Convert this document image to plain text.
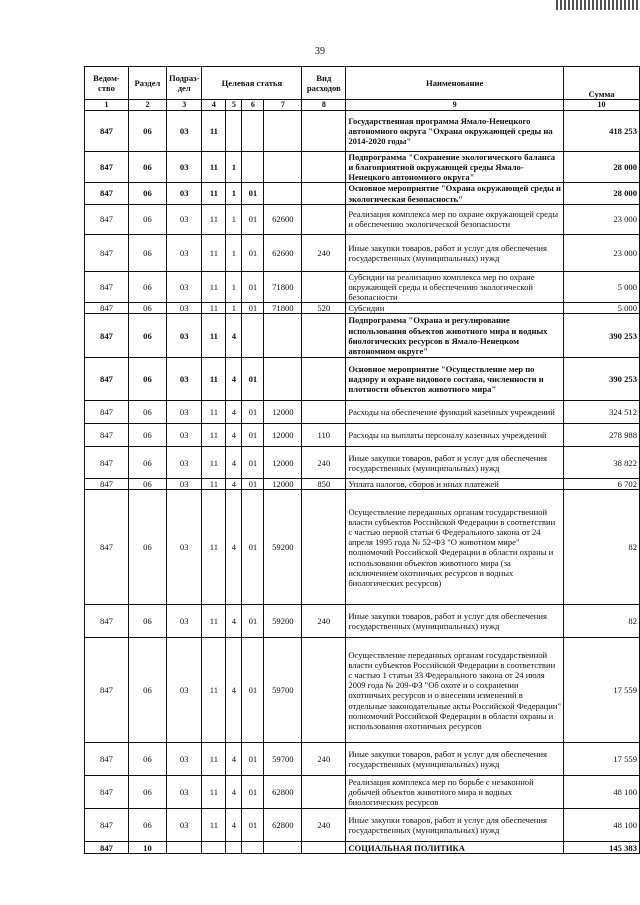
39
Ведом-ство	Раздел	Подраз-дел	Целевая статья				Вид расходов	Наименование	Сумма
1	2	3	4	5	6	7	8	9	10
847	06	03	11					Государственная программа Ямало-Ненецкого автономного округа "Охрана окружающей среды на 2014-2020 годы"	418 253
847	06	03	11	1				Подпрограмма "Сохранение экологического баланса и благоприятной окружающей среды Ямало-Ненецкого автономного округа"	28 000
847	06	03	11	1	01			Основное мероприятие "Охрана окружающей среды и экологическая безопасность"	28 000
847	06	03	11	1	01	62600		Реализация комплекса мер по охране окружающей среды и обеспечению экологической безопасности	23 000
847	06	03	11	1	01	62600	240	Иные закупки товаров, работ и услуг для обеспечения государственных (муниципальных) нужд	23 000
847	06	03	11	1	01	71800		Субсидии на реализацию комплекса мер по охране окружающей среды и обеспечению экологической безопасности	5 000
847	06	03	11	1	01	71800	520	Субсидии	5 000
847	06	03	11	4				Подпрограмма "Охрана и регулирование использования объектов животного мира и водных биологических ресурсов в Ямало-Ненецком автономном округе"	390 253
847	06	03	11	4	01			Основное мероприятие "Осуществление мер по надзору и охране видового состава, численности и плотности объектов животного мира"	390 253
847	06	03	11	4	01	12000		Расходы на обеспечение функций казенных учреждений	324 512
847	06	03	11	4	01	12000	110	Расходы на выплаты персоналу казенных учреждений	278 988
847	06	03	11	4	01	12000	240	Иные закупки товаров, работ и услуг для обеспечения государственных (муниципальных) нужд	38 822
847	06	03	11	4	01	12000	850	Уплата налогов, сборов и иных платежей	6 702
847	06	03	11	4	01	59200		Осуществление переданных органам государственной власти субъектов Российской Федерации в соответствии с частью первой статьи 6 Федерального закона от 24 апреля 1995 года № 52-ФЗ "О животном мире" полномочий Российской Федерации в области охраны и использования объектов животного мира (за исключением охотничьих ресурсов и водных биологических ресурсов)	82
847	06	03	11	4	01	59200	240	Иные закупки товаров, работ и услуг для обеспечения государственных (муниципальных) нужд	82
847	06	03	11	4	01	59700		Осуществление переданных органам государственной власти субъектов Российской Федерации в соответствии с частью 1 статьи 33 Федерального закона от 24 июля 2009 года № 209-ФЗ "Об охоте и о сохранении охотничьих ресурсов и о внесении изменений в отдельные законодательные акты Российской Федерации" полномочий Российской Федерации в области охраны и использования охотничьих ресурсов	17 559
847	06	03	11	4	01	59700	240	Иные закупки товаров, работ и услуг для обеспечения государственных (муниципальных) нужд	17 559
847	06	03	11	4	01	62800		Реализация комплекса мер по борьбе с незаконной добычей объектов животного мира и водных биологических ресурсов	48 100
847	06	03	11	4	01	62800	240	Иные закупки товаров, работ и услуг для обеспечения государственных (муниципальных) нужд	48 100
847	10							СОЦИАЛЬНАЯ ПОЛИТИКА	145 383
